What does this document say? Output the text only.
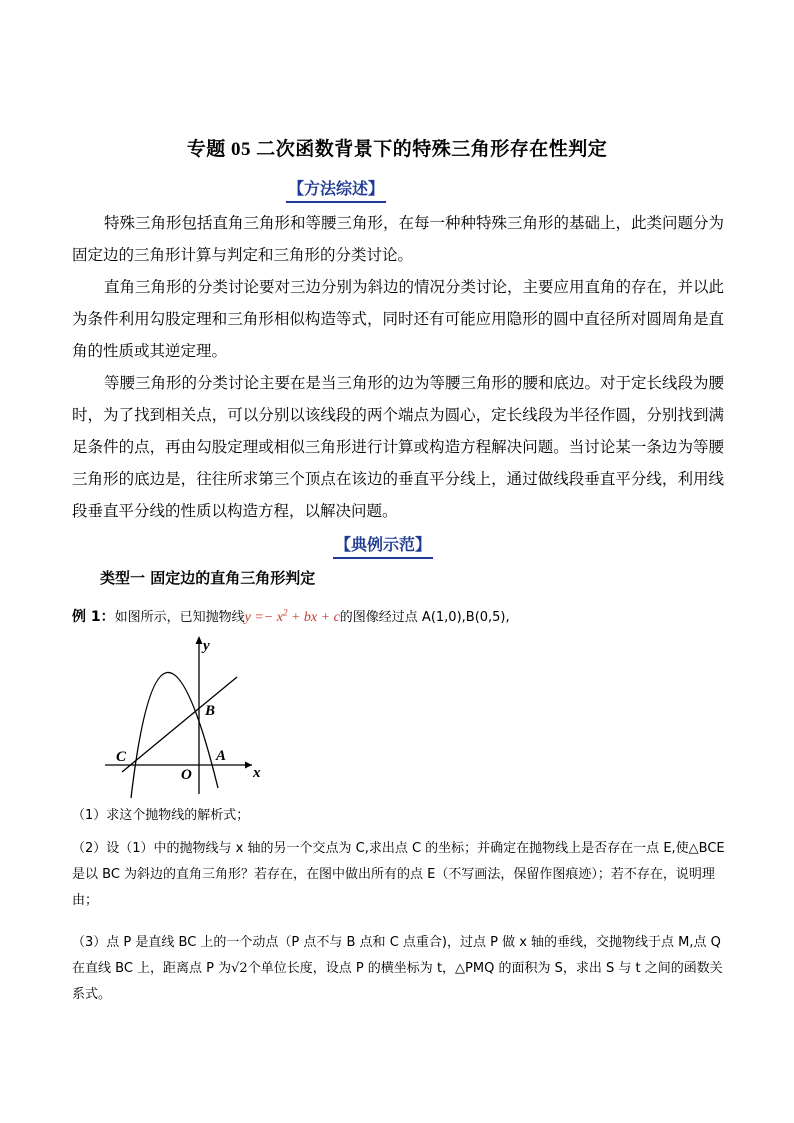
专题 05 二次函数背景下的特殊三角形存在性判定
【方法综述】
特殊三角形包括直角三角形和等腰三角形，在每一种种特殊三角形的基础上，此类问题分为固定边的三角形计算与判定和三角形的分类讨论。
直角三角形的分类讨论要对三边分别为斜边的情况分类讨论，主要应用直角的存在，并以此为条件利用勾股定理和三角形相似构造等式，同时还有可能应用隐形的圆中直径所对圆周角是直角的性质或其逆定理。
等腰三角形的分类讨论主要在是当三角形的边为等腰三角形的腰和底边。对于定长线段为腰时，为了找到相关点，可以分别以该线段的两个端点为圆心，定长线段为半径作圆，分别找到满足条件的点，再由勾股定理或相似三角形进行计算或构造方程解决问题。当讨论某一条边为等腰三角形的底边是，往往所求第三个顶点在该边的垂直平分线上，通过做线段垂直平分线，利用线段垂直平分线的性质以构造方程，以解决问题。
【典例示范】
类型一 固定边的直角三角形判定
例 1：如图所示，已知抛物线$y =- x^2$ + bx + c的图像经过点 A(1,0),B(0,5),
y
x
B
C	A
O
（1）求这个抛物线的解析式；
（2）设（1）中的抛物线与 x 轴的另一个交点为 C,求出点 C 的坐标；并确定在抛物线上是否存在一点 E,使△BCE 是以 BC 为斜边的直角三角形？若存在，在图中做出所有的点 E（不写画法，保留作图痕迹）；若不存在，说明理由；
（3）点 P 是直线 BC 上的一个动点（P 点不与 B 点和 C 点重合)，过点 P 做 x 轴的垂线，交抛物线于点 M,点 Q 在直线 BC 上，距离点 P 为√2个单位长度，设点 P 的横坐标为 t，△PMQ 的面积为 S，求出 S 与 t 之间的函数关系式。
